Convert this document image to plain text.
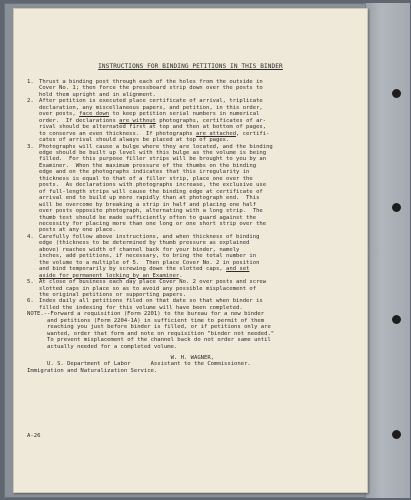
INSTRUCTIONS FOR BINDING PETITIONS IN THIS BINDER
1. Thrust a binding post through each of the holes from the outside in
Cover No. 1; then force the pressboard strip down over the posts to
hold them upright and in alignment.
2. After petition is executed place certificate of arrival, triplicate
declaration, any miscellaneous papers, and petition, in this order,
over posts, face down to keep petition serial numbers in numerical
order.  If declarations are without photographs, certificates of ar-
rival should be alternated first at top and then at bottom of pages,
to conserve an even thickness.  If photographs are attached, certifi-
cates of arrival should always be placed at top of pages.
3. Photographs will cause a bulge where they are located, and the binding
edge should be built up level with this bulge as the volume is being
filled.  For this purpose filler strips will be brought to you by an
Examiner.  When the maximum pressure of the thumbs on the binding
edge and on the photographs indicates that this irregularity in
thickness is equal to that of a filler strip, place one over the
posts.  As declarations with photographs increase, the exclusive use
of full-length strips will cause the binding edge at certificate of
arrival end to build up more rapidly than at photograph end.  This
will be overcome by breaking a strip in half and placing one half
over posts opposite photograph, alternating with a long strip.  The
thumb test should be made sufficiently often to guard against the
necessity for placing more than one long or one short strip over the
posts at any one place.
4. Carefully follow above instructions, and when thickness of binding
edge (thickness to be determined by thumb pressure as explained
above) reaches width of channel back for your binder, namely
inches, add petitions, if necessary, to bring the total number in
the volume to a multiple of 5.  Then place Cover No. 2 in position
and bind temporarily by screwing down the slotted caps, and set
aside for permanent locking by an Examiner.
5. At close of business each day place Cover No. 2 over posts and screw
slotted caps in place so as to avoid any possible misplacement of
the original petitions or supporting papers.
6. Index daily all petitions filed on that date so that when binder is
filled the indexing for this volume will have been completed.
NOTE.--Forward a requisition (Form 2201) to the bureau for a new binder
and petitions (Form 2204-1A) in sufficient time to permit of them
reaching you just before binder is filled, or if petitions only are
wanted, order that form and note on requisition "binder not needed."
To prevent misplacement of the channel back do not order same until
actually needed for a completed volume.
W. H. WAGNER,
U. S. Department of Labor      Assistant to the Commissioner.
Immigration and Naturalization Service.
A-26
